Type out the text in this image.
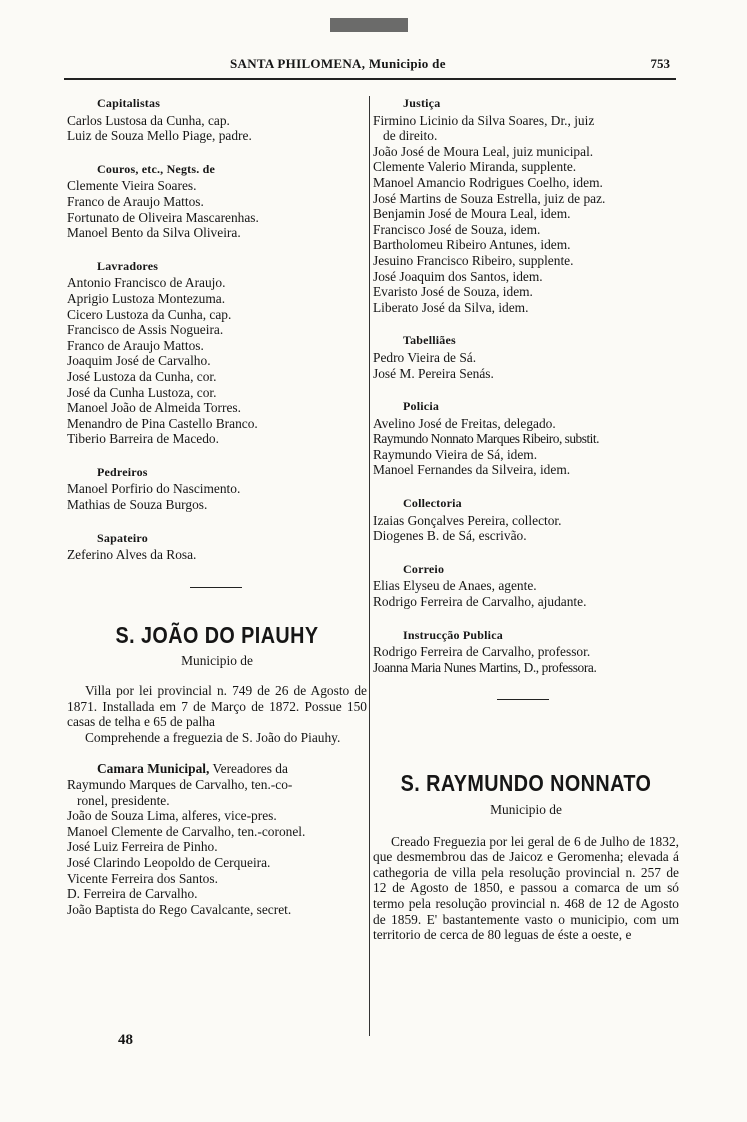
SANTA PHILOMENA, Municipio de	753
Capitalistas
Carlos Lustosa da Cunha, cap.
Luiz de Souza Mello Piage, padre.
Couros, etc., Negts. de
Clemente Vieira Soares.
Franco de Araujo Mattos.
Fortunato de Oliveira Mascarenhas.
Manoel Bento da Silva Oliveira.
Lavradores
Antonio Francisco de Araujo.
Aprigio Lustoza Montezuma.
Cicero Lustoza da Cunha, cap.
Francisco de Assis Nogueira.
Franco de Araujo Mattos.
Joaquim José de Carvalho.
José Lustoza da Cunha, cor.
José da Cunha Lustoza, cor.
Manoel João de Almeida Torres.
Menandro de Pina Castello Branco.
Tiberio Barreira de Macedo.
Pedreiros
Manoel Porfirio do Nascimento.
Mathias de Souza Burgos.
Sapateiro
Zeferino Alves da Rosa.
S. JOÃO DO PIAUHY
Municipio de
Villa por lei provincial n. 749 de 26 de Agosto de 1871. Installada em 7 de Março de 1872. Possue 150 casas de telha e 65 de palha
Comprehende a freguezia de S. João do Piauhy.
Camara Municipal, Vereadores da
Raymundo Marques de Carvalho, ten.-co-
ronel, presidente.
João de Souza Lima, alferes, vice-pres.
Manoel Clemente de Carvalho, ten.-coronel.
José Luiz Ferreira de Pinho.
José Clarindo Leopoldo de Cerqueira.
Vicente Ferreira dos Santos.
D. Ferreira de Carvalho.
João Baptista do Rego Cavalcante, secret.
Justiça
Firmino Licinio da Silva Soares, Dr., juiz
de direito.
João José de Moura Leal, juiz municipal.
Clemente Valerio Miranda, supplente.
Manoel Amancio Rodrigues Coelho, idem.
José Martins de Souza Estrella, juiz de paz.
Benjamin José de Moura Leal, idem.
Francisco José de Souza, idem.
Bartholomeu Ribeiro Antunes, idem.
Jesuino Francisco Ribeiro, supplente.
José Joaquim dos Santos, idem.
Evaristo José de Souza, idem.
Liberato José da Silva, idem.
Tabelliães
Pedro Vieira de Sá.
José M. Pereira Senás.
Policia
Avelino José de Freitas, delegado.
Raymundo Nonnato Marques Ribeiro, substit.
Raymundo Vieira de Sá, idem.
Manoel Fernandes da Silveira, idem.
Collectoria
Izaias Gonçalves Pereira, collector.
Diogenes B. de Sá, escrivão.
Correio
Elias Elyseu de Anaes, agente.
Rodrigo Ferreira de Carvalho, ajudante.
Instrucção Publica
Rodrigo Ferreira de Carvalho, professor.
Joanna Maria Nunes Martins, D., professora.
S. RAYMUNDO NONNATO
Municipio de
Creado Freguezia por lei geral de 6 de Julho de 1832, que desmembrou das de Jaicoz e Geromenha; elevada á cathegoria de villa pela resolução provincial n. 257 de 12 de Agosto de 1850, e passou a comarca de um só termo pela resolução provincial n. 468 de 12 de Agosto de 1859. E' bastantemente vasto o municipio, com um territorio de cerca de 80 leguas de éste a oeste, e
48
